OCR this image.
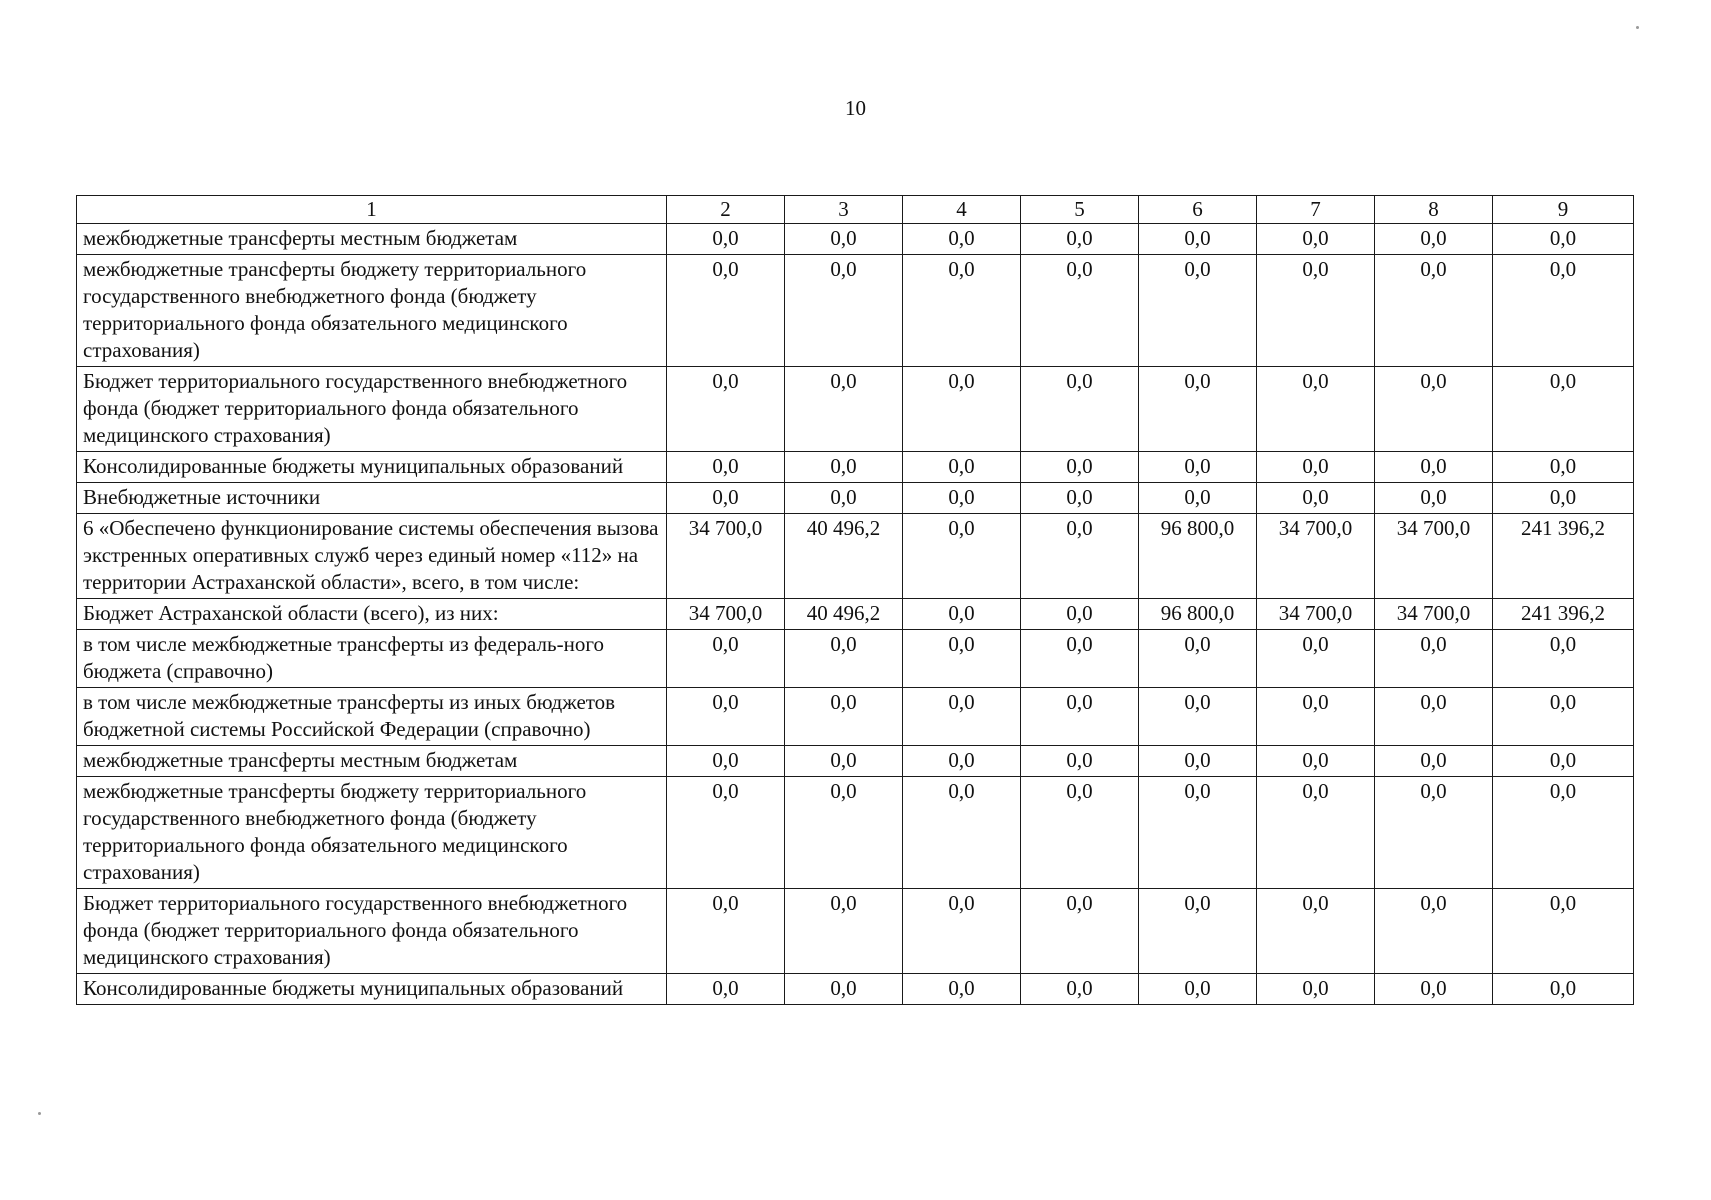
10
1	2	3	4	5	6	7	8	9
межбюджетные трансферты местным бюджетам	0,0	0,0	0,0	0,0	0,0	0,0	0,0	0,0
межбюджетные трансферты бюджету территориального государственного внебюджетного фонда (бюджету территориального фонда обязательного медицинского страхования)	0,0	0,0	0,0	0,0	0,0	0,0	0,0	0,0
Бюджет территориального государственного внебюджетного фонда (бюджет территориального фонда обязательного медицинского страхования)	0,0	0,0	0,0	0,0	0,0	0,0	0,0	0,0
Консолидированные бюджеты муниципальных образований	0,0	0,0	0,0	0,0	0,0	0,0	0,0	0,0
Внебюджетные источники	0,0	0,0	0,0	0,0	0,0	0,0	0,0	0,0
6 «Обеспечено функционирование системы обеспечения вызова экстренных оперативных служб через единый номер «112» на территории Астраханской области», всего, в том числе:	34 700,0	40 496,2	0,0	0,0	96 800,0	34 700,0	34 700,0	241 396,2
Бюджет Астраханской области (всего), из них:	34 700,0	40 496,2	0,0	0,0	96 800,0	34 700,0	34 700,0	241 396,2
в том числе межбюджетные трансферты из федераль-ного бюджета (справочно)	0,0	0,0	0,0	0,0	0,0	0,0	0,0	0,0
в том числе межбюджетные трансферты из иных бюджетов бюджетной системы Российской Федерации (справочно)	0,0	0,0	0,0	0,0	0,0	0,0	0,0	0,0
межбюджетные трансферты местным бюджетам	0,0	0,0	0,0	0,0	0,0	0,0	0,0	0,0
межбюджетные трансферты бюджету территориального государственного внебюджетного фонда (бюджету территориального фонда обязательного медицинского страхования)	0,0	0,0	0,0	0,0	0,0	0,0	0,0	0,0
Бюджет территориального государственного внебюджетного фонда (бюджет территориального фонда обязательного медицинского страхования)	0,0	0,0	0,0	0,0	0,0	0,0	0,0	0,0
Консолидированные бюджеты муниципальных образований	0,0	0,0	0,0	0,0	0,0	0,0	0,0	0,0
